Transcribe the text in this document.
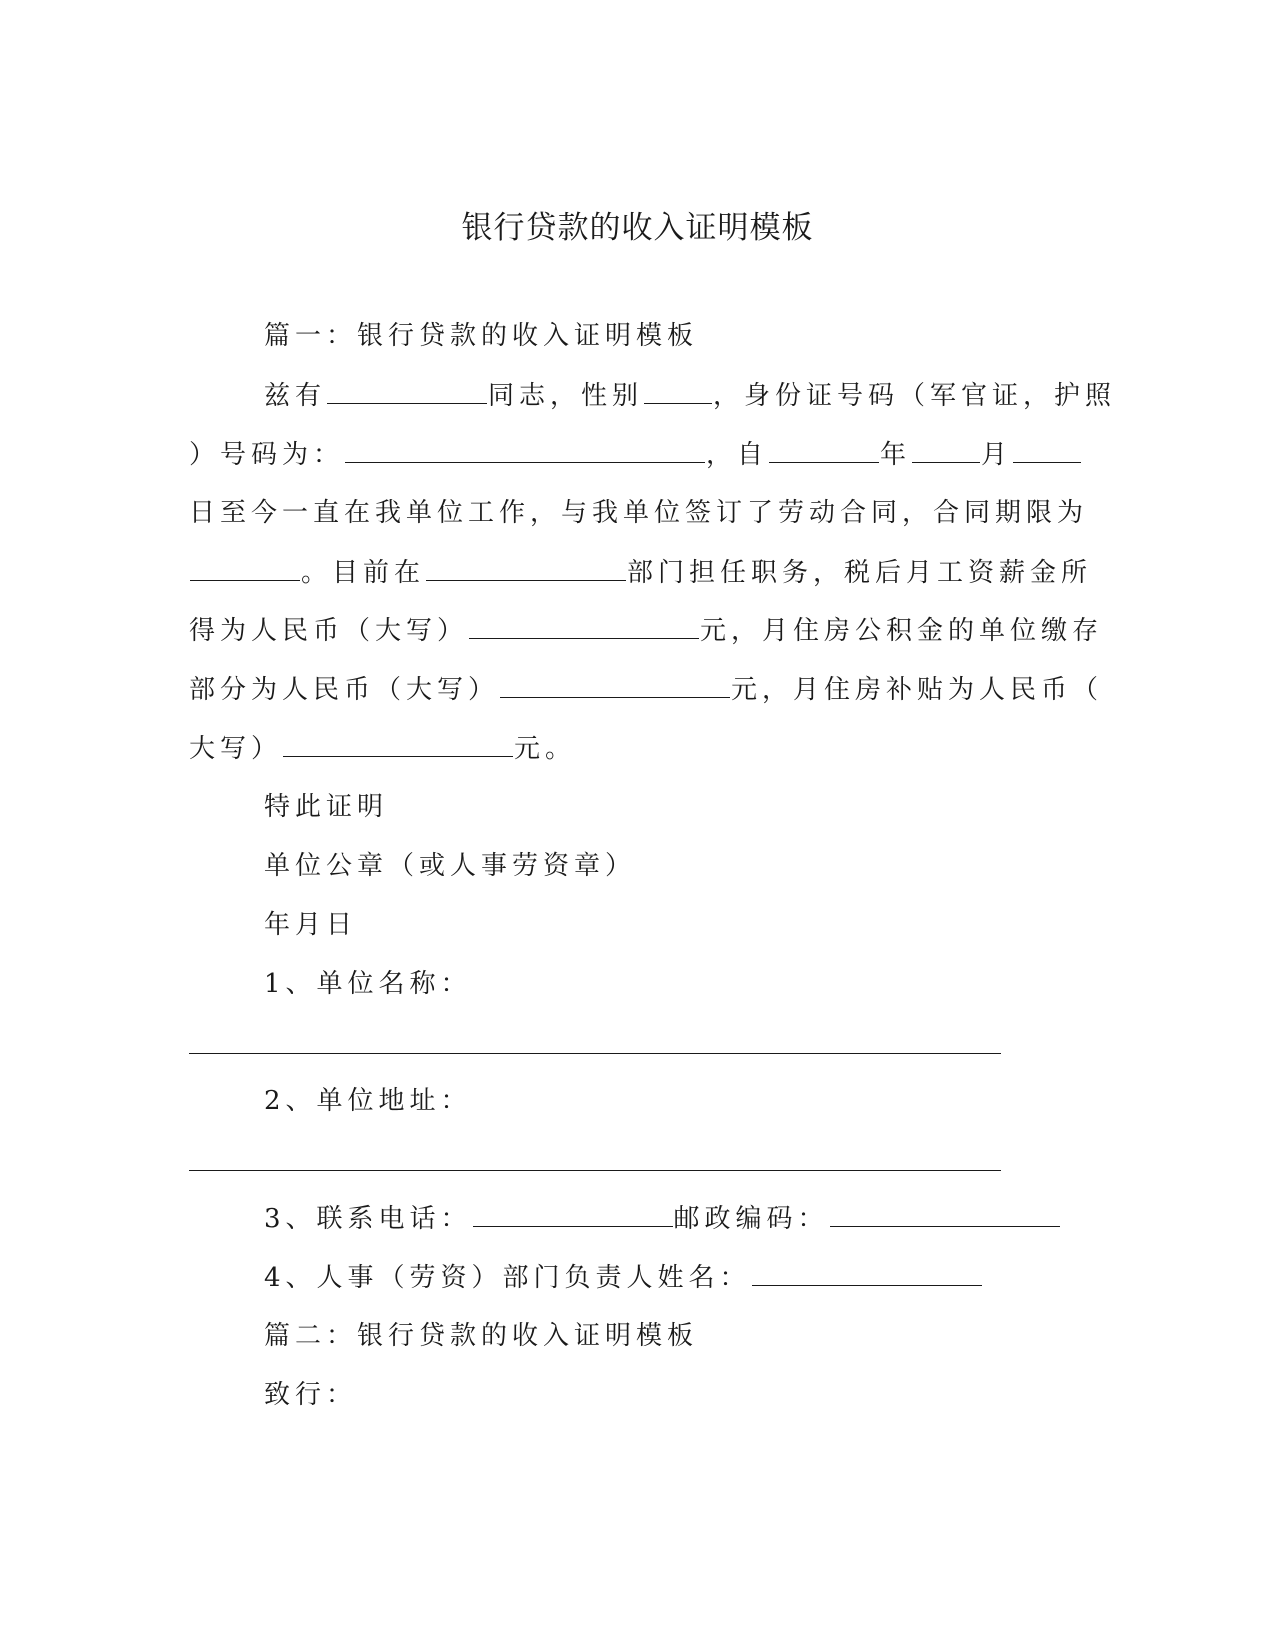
银行贷款的收入证明模板
篇一：银行贷款的收入证明模板
兹有	同志，性别	，身份证号码（军官证，护照
）号码为：	，自	年	月
日至今一直在我单位工作，与我单位签订了劳动合同，合同期限为
。目前在	部门担任职务，税后月工资薪金所
得为人民币（大写）	元，月住房公积金的单位缴存
部分为人民币（大写）	元，月住房补贴为人民币（
大写）	元。
特此证明
单位公章（或人事劳资章）
年月日
1、单位名称：
2、单位地址：
3、联系电话：	邮政编码：
4、人事（劳资）部门负责人姓名：
篇二：银行贷款的收入证明模板
致行：
